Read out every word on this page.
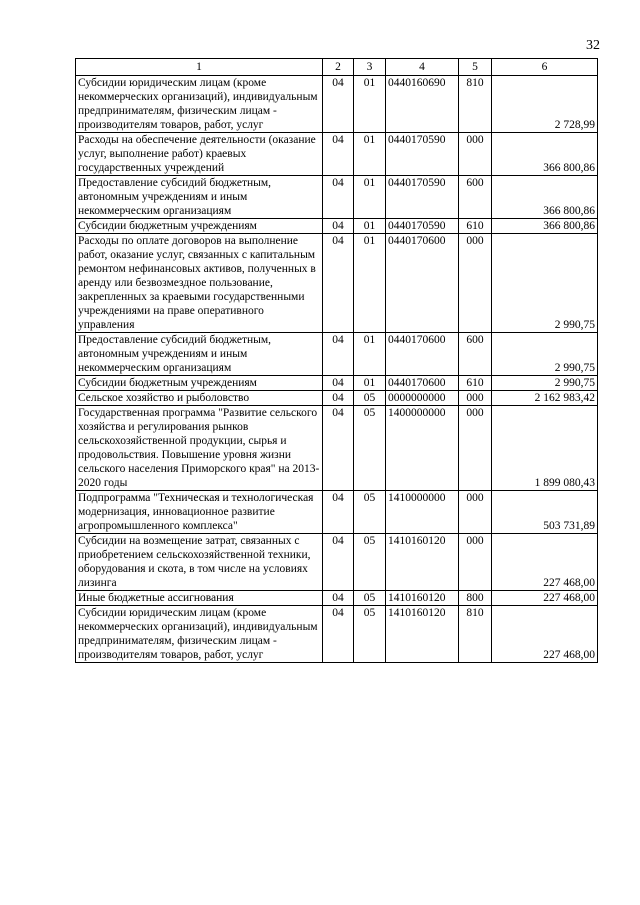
32
1	2	3	4	5	6
Субсидии юридическим лицам (кроме некоммерческих организаций), индивидуальным предпринимателям, физическим лицам - производителям товаров, работ, услуг	04	01	0440160690	810	2 728,99
Расходы на обеспечение деятельности (оказание услуг, выполнение работ) краевых государственных учреждений	04	01	0440170590	000	366 800,86
Предоставление субсидий бюджетным, автономным учреждениям и иным некоммерческим организациям	04	01	0440170590	600	366 800,86
Субсидии бюджетным учреждениям	04	01	0440170590	610	366 800,86
Расходы по оплате договоров на выполнение работ, оказание услуг, связанных с капитальным ремонтом нефинансовых активов, полученных в аренду или безвозмездное пользование, закрепленных за краевыми государственными учреждениями на праве оперативного управления	04	01	0440170600	000	2 990,75
Предоставление субсидий бюджетным, автономным учреждениям и иным некоммерческим организациям	04	01	0440170600	600	2 990,75
Субсидии бюджетным учреждениям	04	01	0440170600	610	2 990,75
Сельское хозяйство и рыболовство	04	05	0000000000	000	2 162 983,42
Государственная программа "Развитие сельского хозяйства и регулирования рынков сельскохозяйственной продукции, сырья и продовольствия. Повышение уровня жизни сельского населения Приморского края" на 2013-2020 годы	04	05	1400000000	000	1 899 080,43
Подпрограмма "Техническая и технологическая модернизация, инновационное развитие агропромышленного комплекса"	04	05	1410000000	000	503 731,89
Субсидии на возмещение затрат, связанных с приобретением сельскохозяйственной техники, оборудования и скота, в том числе на условиях лизинга	04	05	1410160120	000	227 468,00
Иные бюджетные ассигнования	04	05	1410160120	800	227 468,00
Субсидии юридическим лицам (кроме некоммерческих организаций), индивидуальным предпринимателям, физическим лицам - производителям товаров, работ, услуг	04	05	1410160120	810	227 468,00
